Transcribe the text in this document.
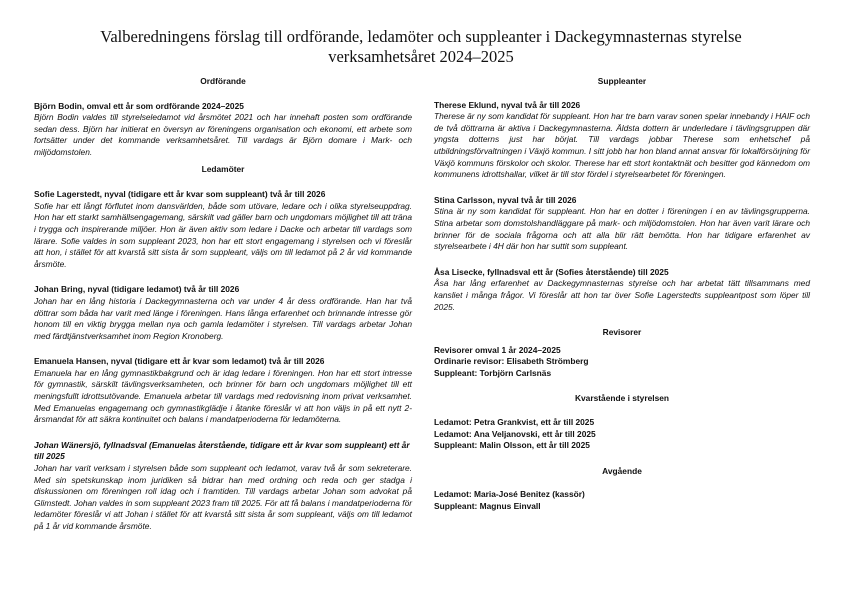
Valberedningens förslag till ordförande, ledamöter och suppleanter i Dackegymnasternas styrelse
verksamhetsåret 2024–2025
Ordförande
Björn Bodin, omval ett år som ordförande 2024–2025
Björn Bodin valdes till styrelseledamot vid årsmötet 2021 och har innehaft posten som ordförande sedan dess. Björn har initierat en översyn av föreningens organisation och ekonomi, ett arbete som fortsätter under det kommande verksamhetsåret. Till vardags är Björn domare i Mark- och miljödomstolen.
Ledamöter
Sofie Lagerstedt, nyval (tidigare ett år kvar som suppleant) två år till 2026
Sofie har ett långt förflutet inom dansvärlden, både som utövare, ledare och i olika styrelseuppdrag. Hon har ett starkt samhällsengagemang, särskilt vad gäller barn och ungdomars möjlighet till att träna i trygga och inspirerande miljöer. Hon är även aktiv som ledare i Dacke och arbetar till vardags som lärare. Sofie valdes in som suppleant 2023, hon har ett stort engagemang i styrelsen och vi föreslår att hon, i stället för att kvarstå sitt sista år som suppleant, väljs om till ledamot på 2 år vid kommande årsmöte.
Johan Bring, nyval (tidigare ledamot) två år till 2026
Johan har en lång historia i Dackegymnasterna och var under 4 år dess ordförande. Han har två döttrar som båda har varit med länge i föreningen. Hans långa erfarenhet och brinnande intresse gör honom till en viktig brygga mellan nya och gamla ledamöter i styrelsen. Till vardags arbetar Johan med färdtjänstverksamhet inom Region Kronoberg.
Emanuela Hansen, nyval (tidigare ett år kvar som ledamot) två år till 2026
Emanuela har en lång gymnastikbakgrund och är idag ledare i föreningen. Hon har ett stort intresse för gymnastik, särskilt tävlingsverksamheten, och brinner för barn och ungdomars möjlighet till ett meningsfullt idrottsutövande. Emanuela arbetar till vardags med redovisning inom privat verksamhet. Med Emanuelas engagemang och gymnastikglädje i åtanke föreslår vi att hon väljs in på ett nytt 2-årsmandat för att säkra kontinuitet och balans i mandatperioderna för ledamöterna.
Johan Wänersjö, fyllnadsval (Emanuelas återstående, tidigare ett år kvar som suppleant) ett år till 2025
Johan har varit verksam i styrelsen både som suppleant och ledamot, varav två år som sekreterare. Med sin spetskunskap inom juridiken så bidrar han med ordning och reda och ger stadga i diskussionen om föreningen roll idag och i framtiden. Till vardags arbetar Johan som advokat på Glimstedt. Johan valdes in som suppleant 2023 fram till 2025. För att få balans i mandatperioderna för ledamöter föreslår vi att Johan i stället för att kvarstå sitt sista år som suppleant, väljs om till ledamot på 1 år vid kommande årsmöte.
Suppleanter
Therese Eklund, nyval två år till 2026
Therese är ny som kandidat för suppleant. Hon har tre barn varav sonen spelar innebandy i HAIF och de två döttrarna är aktiva i Dackegymnasterna. Äldsta dottern är underledare i tävlingsgruppen där yngsta dotterns just har börjat. Till vardags jobbar Therese som enhetschef på utbildningsförvaltningen i Växjö kommun. I sitt jobb har hon bland annat ansvar för lokalförsörjning för Växjö kommuns förskolor och skolor. Therese har ett stort kontaktnät och besitter god kännedom om kommunens idrottshallar, vilket är till stor fördel i styrelsearbetet för föreningen.
Stina Carlsson, nyval två år till 2026
Stina är ny som kandidat för suppleant. Hon har en dotter i föreningen i en av tävlingsgrupperna. Stina arbetar som domstolshandläggare på mark- och miljödomstolen. Hon har även varit lärare och brinner för de sociala frågorna och att alla blir rätt bemötta. Hon har tidigare erfarenhet av styrelsearbete i 4H där hon har suttit som suppleant.
Åsa Lisecke, fyllnadsval ett år (Sofies återstående) till 2025
Åsa har lång erfarenhet av Dackegymnasternas styrelse och har arbetat tätt tillsammans med kansliet i många frågor. Vi föreslår att hon tar över Sofie Lagerstedts suppleantpost som löper till 2025.
Revisorer
Revisorer omval 1 år 2024–2025
Ordinarie revisor: Elisabeth Strömberg
Suppleant: Torbjörn Carlsnäs
Kvarstående i styrelsen
Ledamot: Petra Grankvist, ett år till 2025
Ledamot: Ana Veljanovski, ett år till 2025
Suppleant: Malin Olsson, ett år till 2025
Avgående
Ledamot: Maria-José Benitez (kassör)
Suppleant: Magnus Einvall
